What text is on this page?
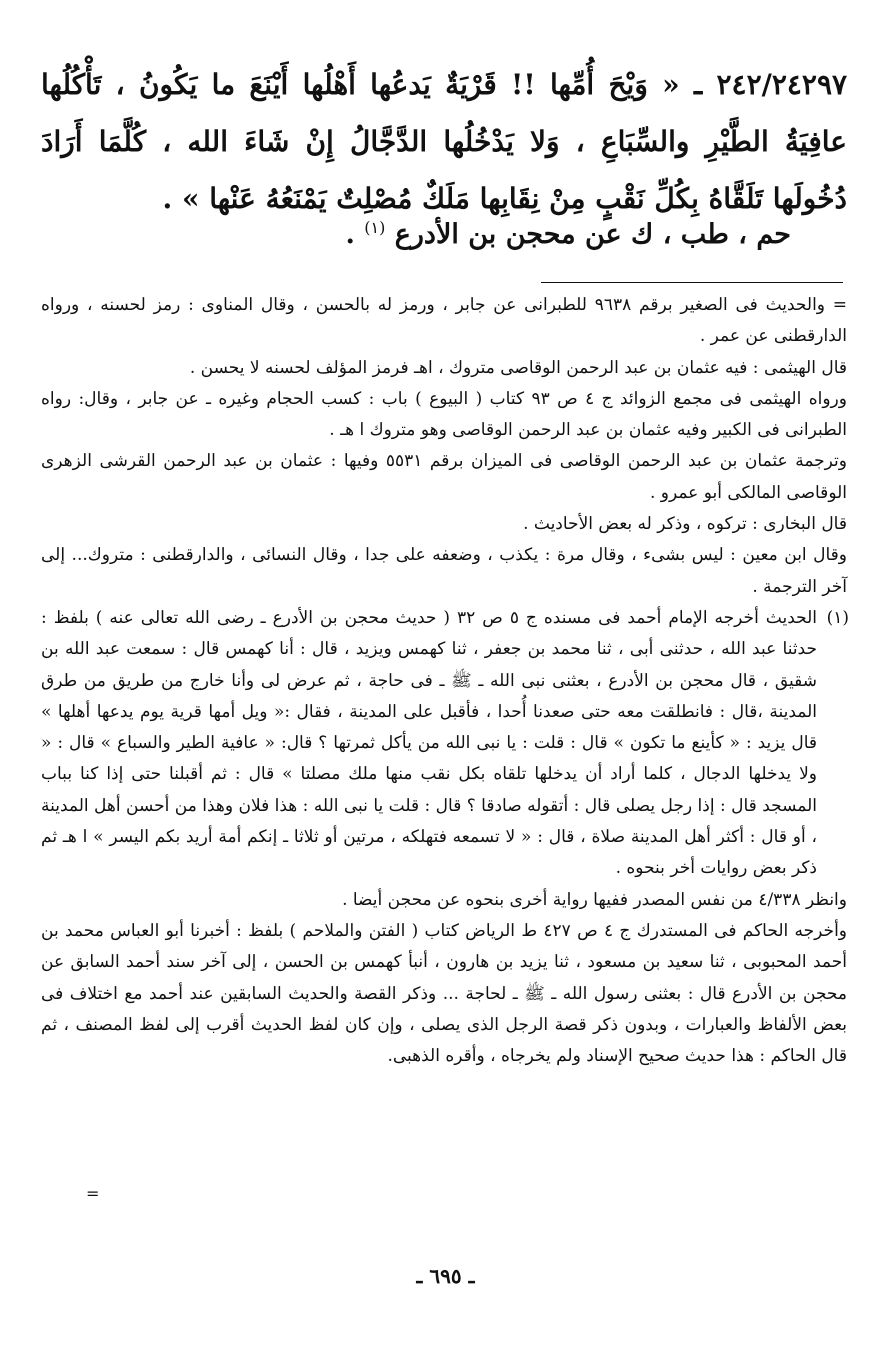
٢٤٢/٢٤٢٩٧ ـ « وَيْحَ أُمِّها !! قَرْيَةٌ يَدعُها أَهْلُها أَيْنَعَ ما يَكُونُ ، تَأْكُلُها عافِيَةُ الطَّيْرِ والسِّبَاعِ ، وَلا يَدْخُلُها الدَّجَّالُ إِنْ شَاءَ الله ، كُلَّمَا أَرَادَ دُخُولَها تَلَقَّاهُ بِكُلِّ نَقْبٍ مِنْ نِقَابِها مَلَكٌ مُصْلِتٌ يَمْنَعُهُ عَنْها » .
حم ، طب ، ك عن محجن بن الأدرع $^{(١)}$ .

= والحديث فى الصغير برقم ٩٦٣٨ للطبرانى عن جابر ، ورمز له بالحسن ، وقال المناوى : رمز لحسنه ، ورواه الدارقطنى عن عمر .

قال الهيثمى : فيه عثمان بن عبد الرحمن الوقاصى متروك ، اهـ فرمز المؤلف لحسنه لا يحسن .

ورواه الهيثمى فى مجمع الزوائد ج ٤ ص ٩٣ كتاب ( البيوع ) باب : كسب الحجام وغيره ـ عن جابر ، وقال: رواه الطبرانى فى الكبير وفيه عثمان بن عبد الرحمن الوقاصى وهو متروك ا هـ .

وترجمة عثمان بن عبد الرحمن الوقاصى فى الميزان برقم ٥٥٣١ وفيها : عثمان بن عبد الرحمن القرشى الزهرى الوقاصى المالكى أبو عمرو .

قال البخارى : تركوه ، وذكر له بعض الأحاديث .

وقال ابن معين : ليس بشىء ، وقال مرة : يكذب ، وضعفه على جدا ، وقال النسائى ، والدارقطنى : متروك... إلى آخر الترجمة .

(١)

الحديث أخرجه الإمام أحمد فى مسنده ج ٥ ص ٣٢ ( حديث محجن بن الأدرع ـ رضى الله تعالى عنه ) بلفظ : حدثنا عبد الله ، حدثنى أبى ، ثنا محمد بن جعفر ، ثنا كهمس ويزيد ، قال : أنا كهمس قال : سمعت عبد الله بن شقيق ، قال محجن بن الأدرع ، بعثنى نبى الله ـ ﷺ ـ فى حاجة ، ثم عرض لى وأنا خارج من طريق من طرق المدينة ،قال : فانطلقت معه حتى صعدنا أُحدا ، فأقبل على المدينة ، فقال :« ويل أمها قرية يوم يدعها أهلها » قال يزيد : « كأينع ما تكون » قال : قلت : يا نبى الله من يأكل ثمرتها ؟ قال: « عافية الطير والسباع » قال : « ولا يدخلها الدجال ، كلما أراد أن يدخلها تلقاه بكل نقب منها ملك مصلتا » قال : ثم أقبلنا حتى إذا كنا بباب المسجد قال : إذا رجل يصلى قال : أتقوله صادقا ؟ قال : قلت يا نبى الله : هذا فلان وهذا من أحسن أهل المدينة ، أو قال : أكثر أهل المدينة صلاة ، قال : « لا تسمعه فتهلكه ، مرتين أو ثلاثا ـ إنكم أمة أريد بكم اليسر » ا هـ ثم ذكر بعض روايات أخر بنحوه .

وانظر ٤/٣٣٨ من نفس المصدر ففيها رواية أخرى بنحوه عن محجن أيضا .

وأخرجه الحاكم فى المستدرك ج ٤ ص ٤٢٧ ط الرياض كتاب ( الفتن والملاحم ) بلفظ : أخبرنا أبو العباس محمد بن أحمد المحبوبى ، ثنا سعيد بن مسعود ، ثنا يزيد بن هارون ، أنبأ كهمس بن الحسن ، إلى آخر سند أحمد السابق عن محجن بن الأدرع قال : بعثنى رسول الله ـ ﷺ ـ لحاجة ... وذكر القصة والحديث السابقين عند أحمد مع اختلاف فى بعض الألفاظ والعبارات ، وبدون ذكر قصة الرجل الذى يصلى ، وإن كان لفظ الحديث أقرب إلى لفظ المصنف ، ثم قال الحاكم : هذا حديث صحيح الإسناد ولم يخرجاه ، وأقره الذهبى.

=
ـ ٦٩٥ ـ
